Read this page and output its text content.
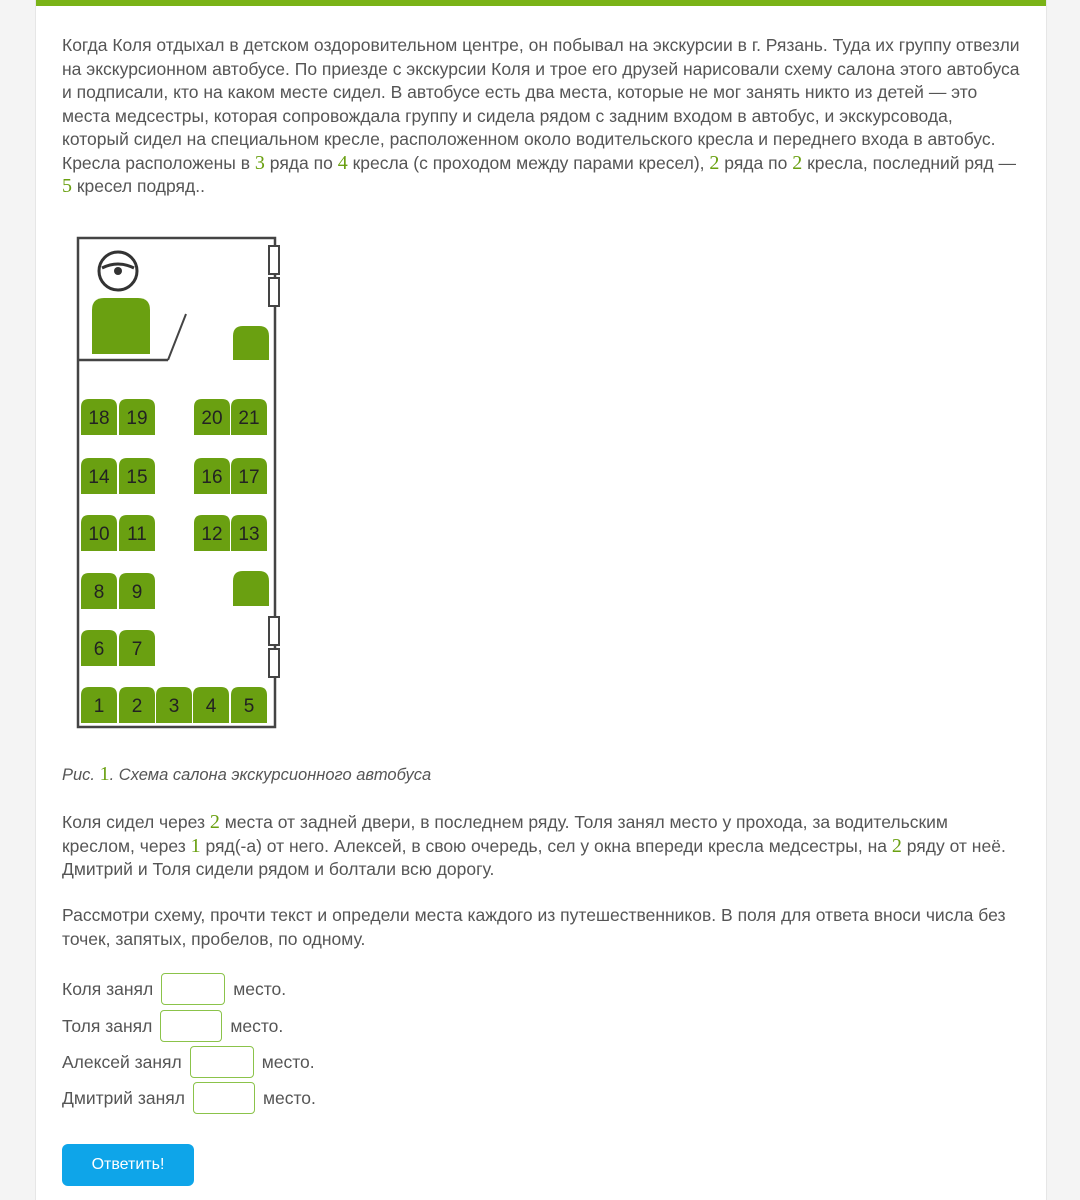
Когда Коля отдыхал в детском оздоровительном центре, он побывал на экскурсии в г. Рязань. Туда их группу отвезли на экскурсионном автобусе. По приезде с экскурсии Коля и трое его друзей нарисовали схему салона этого автобуса и подписали, кто на каком месте сидел. В автобусе есть два места, которые не мог занять никто из детей — это места медсестры, которая сопровождала группу и сидела рядом с задним входом в автобус, и экскурсовода, который сидел на специальном кресле, расположенном около водительского кресла и переднего входа в автобус. Кресла расположены в 3 ряда по 4 кресла (с проходом между парами кресел), 2 ряда по 2 кресла, последний ряд — 5 кресел подряд..

18 19	20 21
14 15	16 17
10 11	12 13
8 9
6 7
1 2 3 4 5
Рис. 1. Схема салона экскурсионного автобуса

Коля сидел через 2 места от задней двери, в последнем ряду. Толя занял место у прохода, за водительским креслом, через 1 ряд(-а) от него. Алексей, в свою очередь, сел у окна впереди кресла медсестры, на 2 ряду от неё. Дмитрий и Толя сидели рядом и болтали всю дорогу.

Рассмотри схему, прочти текст и определи места каждого из путешественников. В поля для ответа вноси числа без точек, запятых, пробелов, по одному.

Коля занял	место.
Толя занял	место.
Алексей занял	место.
Дмитрий занял	место.
Ответить!
